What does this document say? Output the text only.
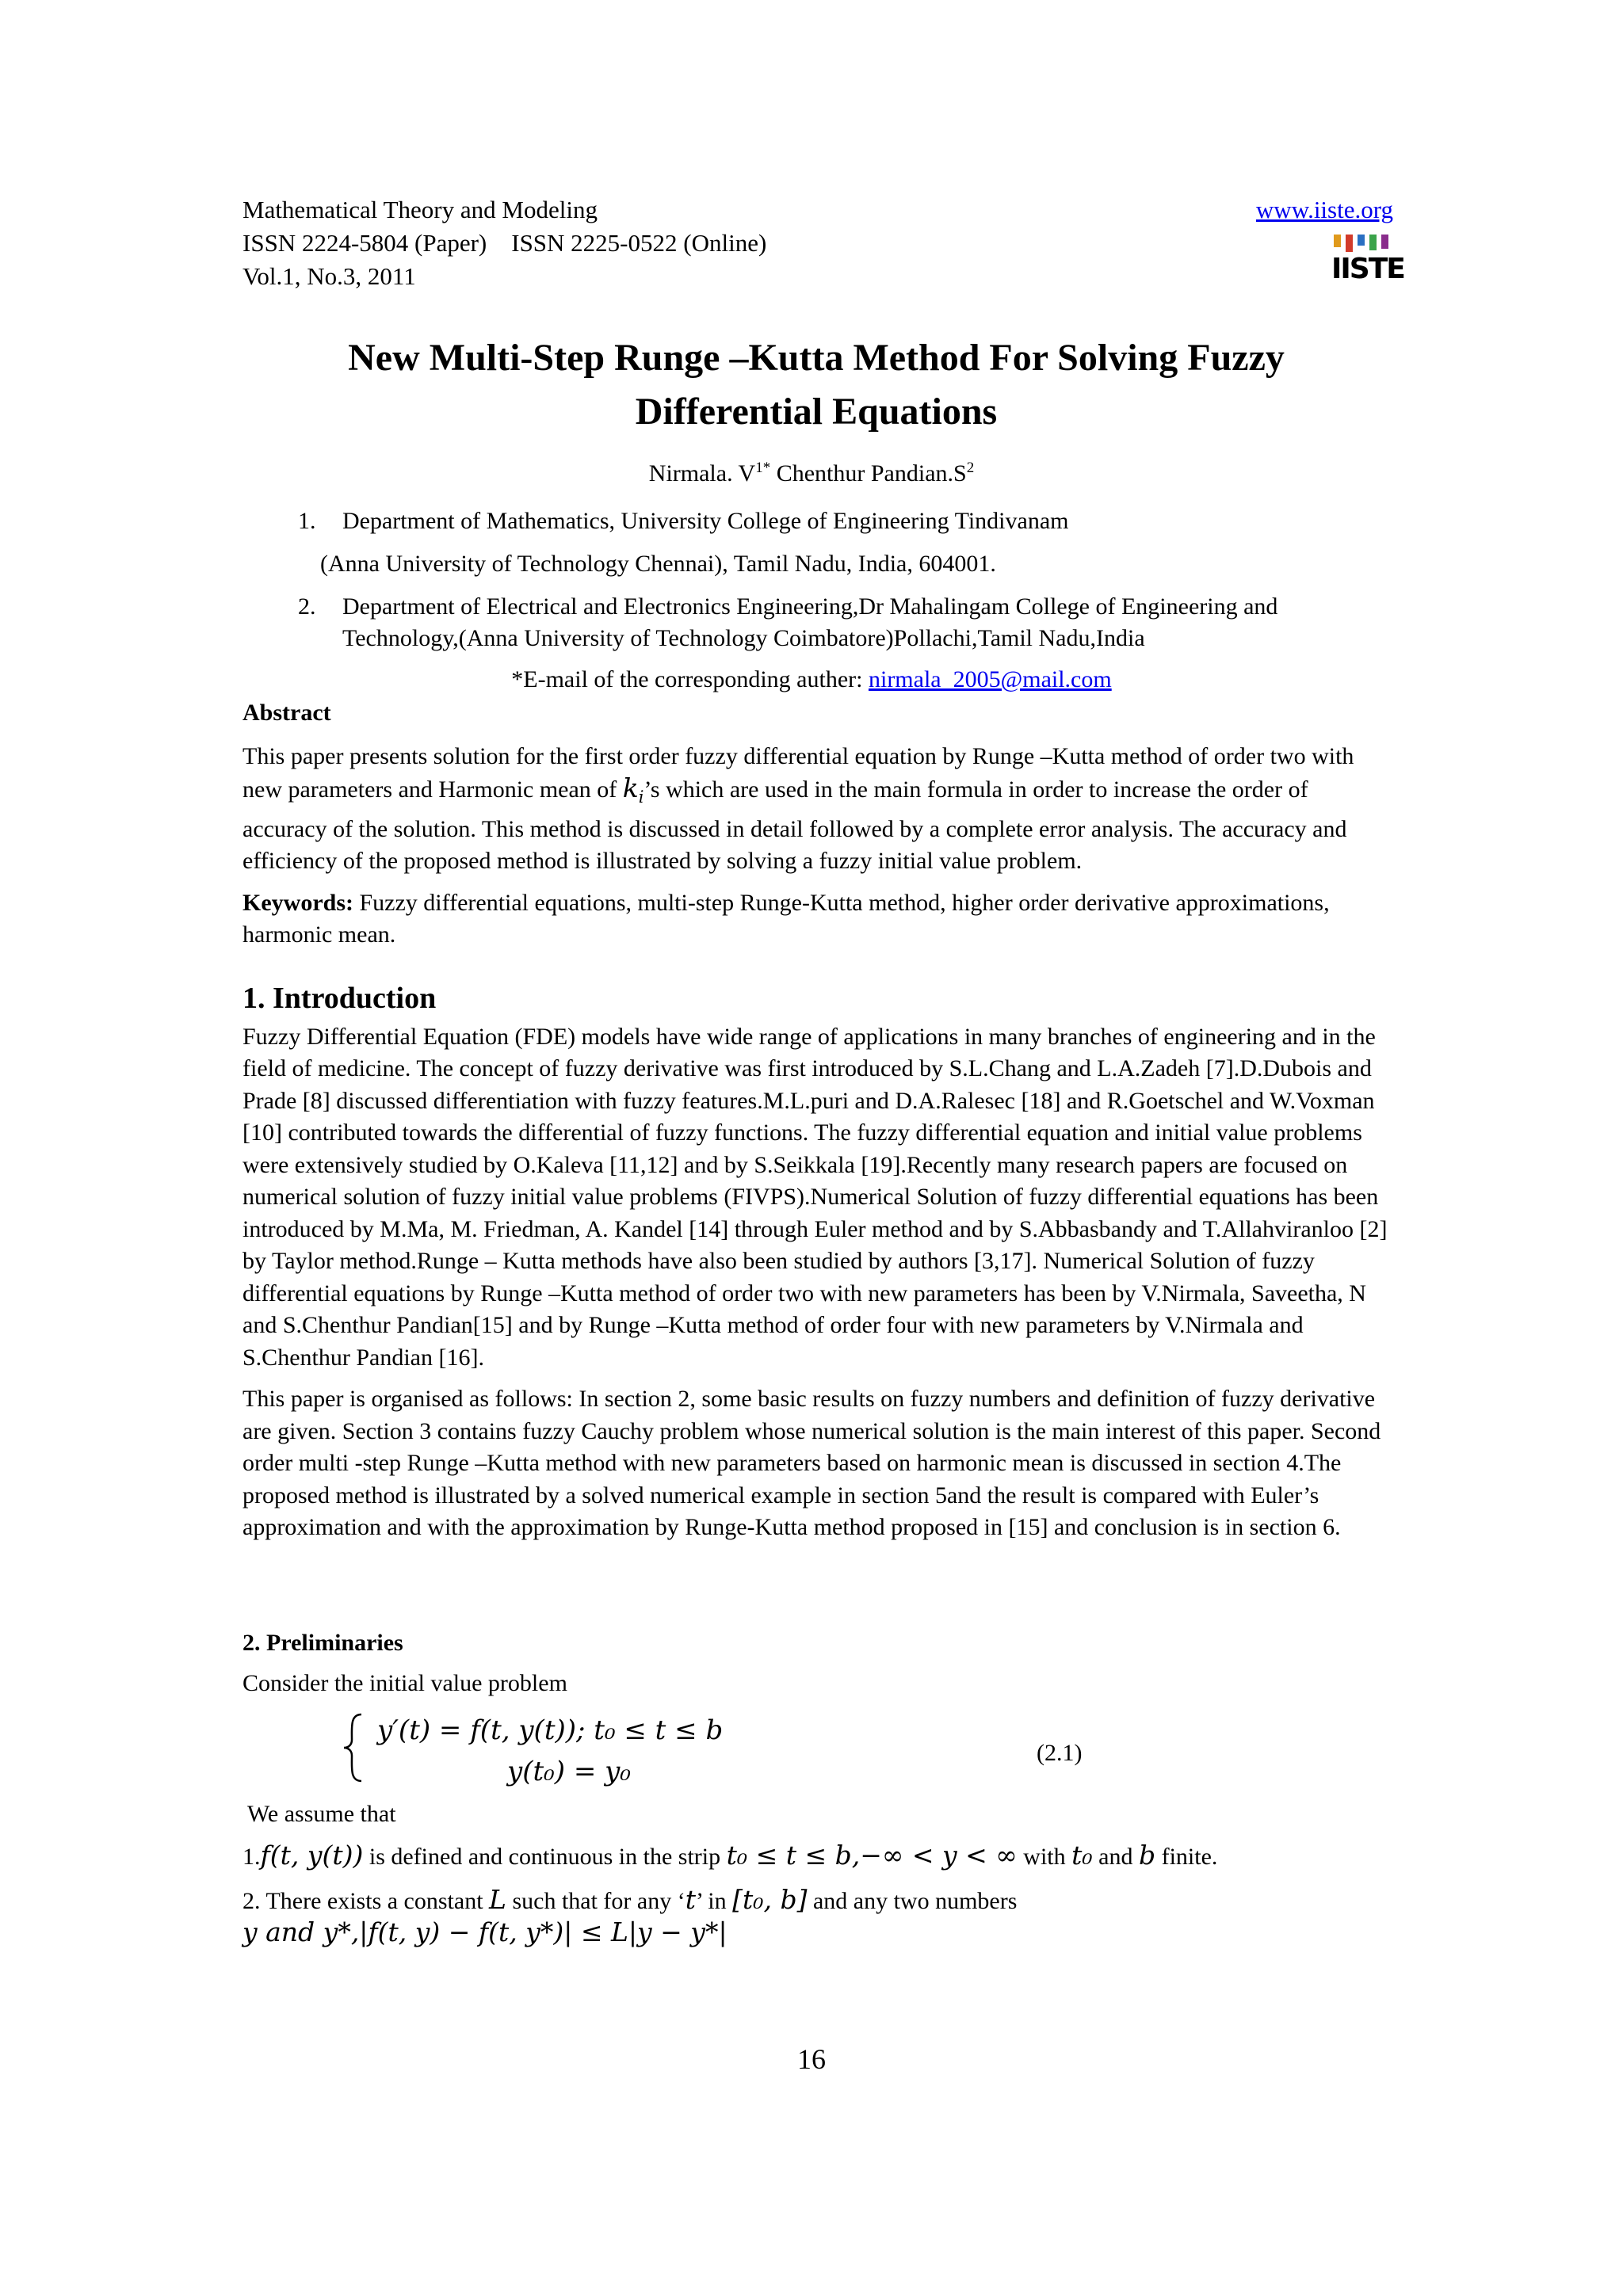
Mathematical Theory and Modeling
ISSN 2224-5804 (Paper)    ISSN 2225-0522 (Online)
Vol.1, No.3, 2011
www.iiste.org
IISTE
New Multi-Step Runge –Kutta Method For Solving Fuzzy
Differential Equations
Nirmala. $V^{1*}$ Chenthur $Pandian.S^2$
1. Department of Mathematics, University College of Engineering Tindivanam
(Anna University of Technology Chennai), Tamil Nadu, India, 604001.
2. Department of Electrical and Electronics Engineering,Dr Mahalingam College of Engineering and
Technology,(Anna University of Technology Coimbatore)Pollachi,Tamil Nadu,India
*E-mail of the corresponding auther: nirmala_2005@mail.com
Abstract

This paper presents solution for the first order fuzzy differential equation by Runge –Kutta method of order two with new parameters and Harmonic mean of $k_i’s$ which are used in the main formula in order to increase the order of accuracy of the solution. This method is discussed in detail followed by a complete error analysis. The accuracy and efficiency of the proposed method is illustrated by solving a fuzzy initial value problem.

Keywords: Fuzzy differential equations, multi-step Runge-Kutta method, higher order derivative approximations, harmonic mean.

1. Introduction

Fuzzy Differential Equation (FDE) models have wide range of applications in many branches of engineering and in the field of medicine. The concept of fuzzy derivative was first introduced by S.L.Chang and L.A.Zadeh [7].D.Dubois and Prade [8] discussed differentiation with fuzzy features.M.L.puri and D.A.Ralesec [18] and R.Goetschel and W.Voxman [10] contributed towards the differential of fuzzy functions. The fuzzy differential equation and initial value problems were extensively studied by O.Kaleva [11,12] and by S.Seikkala [19].Recently many research papers are focused on numerical solution of fuzzy initial value problems (FIVPS).Numerical Solution of fuzzy differential equations has been introduced by M.Ma, M. Friedman, A. Kandel [14] through Euler method and by S.Abbasbandy and T.Allahviranloo [2] by Taylor method.Runge – Kutta methods have also been studied by authors [3,17]. Numerical Solution of fuzzy differential equations by Runge –Kutta method of order two with new parameters has been by V.Nirmala, Saveetha, N and S.Chenthur Pandian[15] and by Runge –Kutta method of order four with new parameters by V.Nirmala and S.Chenthur Pandian [16].

This paper is organised as follows: In section 2, some basic results on fuzzy numbers and definition of fuzzy derivative are given. Section 3 contains fuzzy Cauchy problem whose numerical solution is the main interest of this paper. Second order multi -step Runge –Kutta method with new parameters based on harmonic mean is discussed in section 4.The proposed method is illustrated by a solved numerical example in section 5and the result is compared with Euler’s approximation and with the approximation by Runge-Kutta method proposed in [15] and conclusion is in section 6.

2. Preliminaries

Consider the initial value problem

y′(t) = f(t, y(t)); t₀ ≤ t ≤ b
y(t₀) = y₀
(2.1)
We assume that
1.f(t, y(t)) is defined and continuous in the strip t₀ ≤ t ≤ b,−∞ < y < ∞ with t₀ and b finite.
2. There exists a constant L such that for any ‘t’ in [t₀, b] and any two numbers
y and y*,|f(t, y) − f(t, y*)| ≤ L|y − y*|
16
